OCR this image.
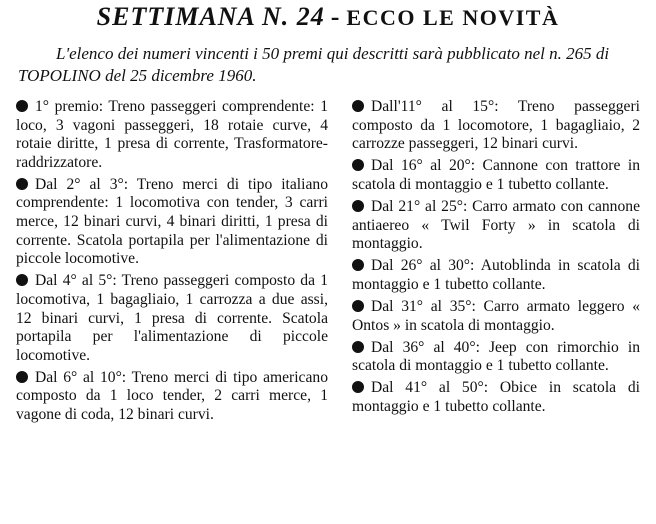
SETTIMANA N. 24 - ECCO LE NOVITÀ
L'elenco dei numeri vincenti i 50 premi qui descritti sarà pubblicato nel n. 265 di TOPOLINO del 25 dicembre 1960.

1° premio: Treno passeggeri comprendente: 1 loco, 3 vagoni passeggeri, 18 rotaie curve, 4 rotaie diritte, 1 presa di corrente, Trasformatore-raddrizzatore.

Dal 2° al 3°: Treno merci di tipo italiano comprendente: 1 locomotiva con tender, 3 carri merce, 12 binari curvi, 4 binari diritti, 1 presa di corrente. Scatola portapila per l'alimentazione di piccole locomotive.

Dal 4° al 5°: Treno passeggeri composto da 1 locomotiva, 1 bagagliaio, 1 carrozza a due assi, 12 binari curvi, 1 presa di corrente. Scatola portapila per l'alimentazione di piccole locomotive.

Dal 6° al 10°: Treno merci di tipo americano composto da 1 loco tender, 2 carri merce, 1 vagone di coda, 12 binari curvi.

Dall'11° al 15°: Treno passeggeri composto da 1 locomotore, 1 bagagliaio, 2 carrozze passeggeri, 12 binari curvi.

Dal 16° al 20°: Cannone con trattore in scatola di montaggio e 1 tubetto collante.

Dal 21° al 25°: Carro armato con cannone antiaereo « Twil Forty » in scatola di montaggio.

Dal 26° al 30°: Autoblinda in scatola di montaggio e 1 tubetto collante.

Dal 31° al 35°: Carro armato leggero « Ontos » in scatola di montaggio.

Dal 36° al 40°: Jeep con rimorchio in scatola di montaggio e 1 tubetto collante.

Dal 41° al 50°: Obice in scatola di montaggio e 1 tubetto collante.
